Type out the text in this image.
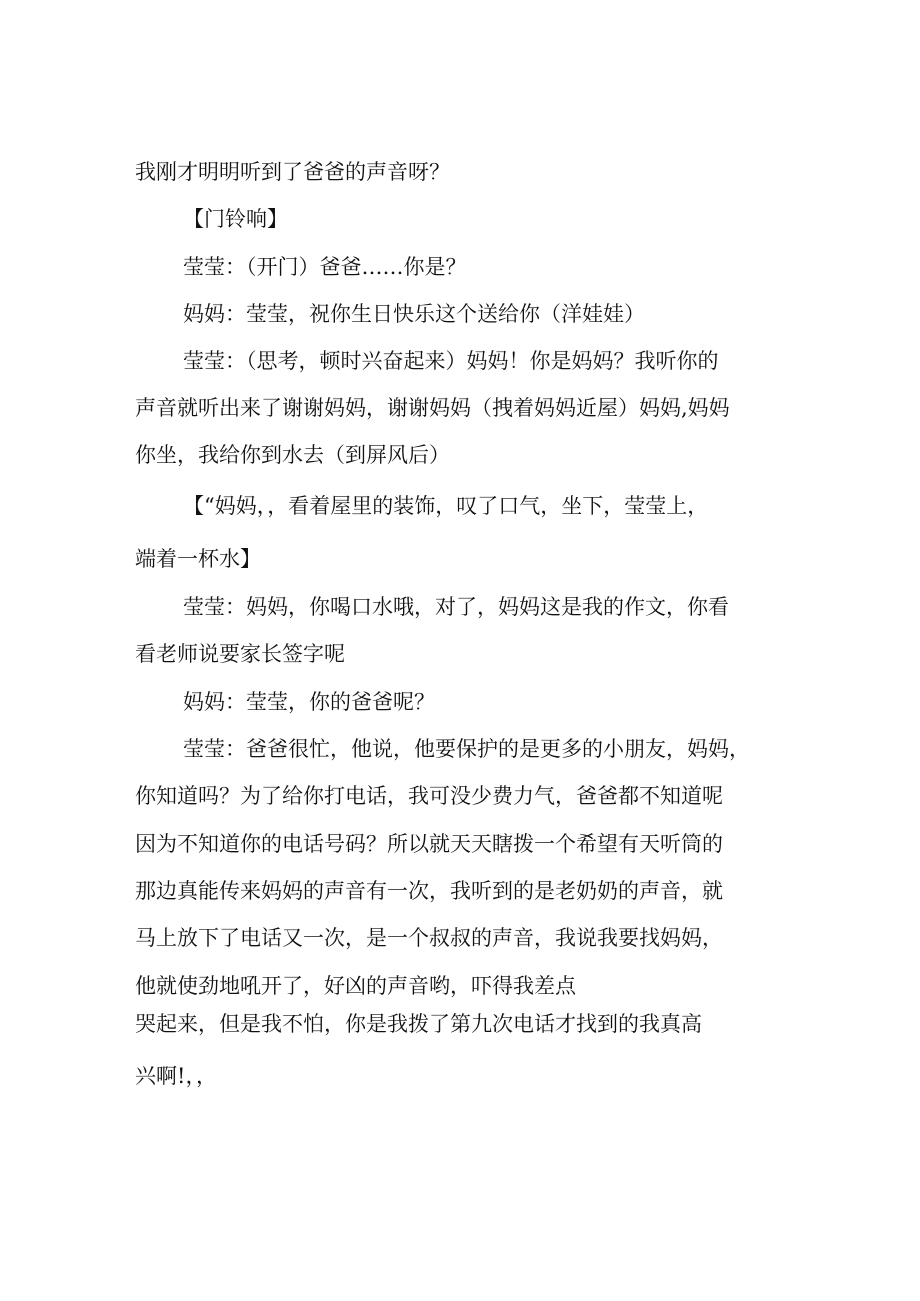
我刚才明明听到了爸爸的声音呀？

【门铃响】

莹莹：（开门）爸爸……你是？

妈妈：莹莹，祝你生日快乐这个送给你（洋娃娃）

莹莹：（思考，顿时兴奋起来）妈妈！你是妈妈？我听你的

声音就听出来了谢谢妈妈，谢谢妈妈（拽着妈妈近屋）妈妈,妈妈

你坐，我给你到水去（到屏风后）

【“妈妈，，看着屋里的装饰，叹了口气，坐下，莹莹上，

端着一杯水】

莹莹：妈妈，你喝口水哦，对了，妈妈这是我的作文，你看

看老师说要家长签字呢

妈妈：莹莹，你的爸爸呢？

莹莹：爸爸很忙，他说，他要保护的是更多的小朋友，妈妈，

你知道吗？为了给你打电话，我可没少费力气，爸爸都不知道呢

因为不知道你的电话号码？所以就天天瞎拨一个希望有天听筒的

那边真能传来妈妈的声音有一次，我听到的是老奶奶的声音，就

马上放下了电话又一次，是一个叔叔的声音，我说我要找妈妈，

他就使劲地吼开了，好凶的声音哟，吓得我差点

哭起来，但是我不怕，你是我拨了第九次电话才找到的我真高

兴啊!，，
